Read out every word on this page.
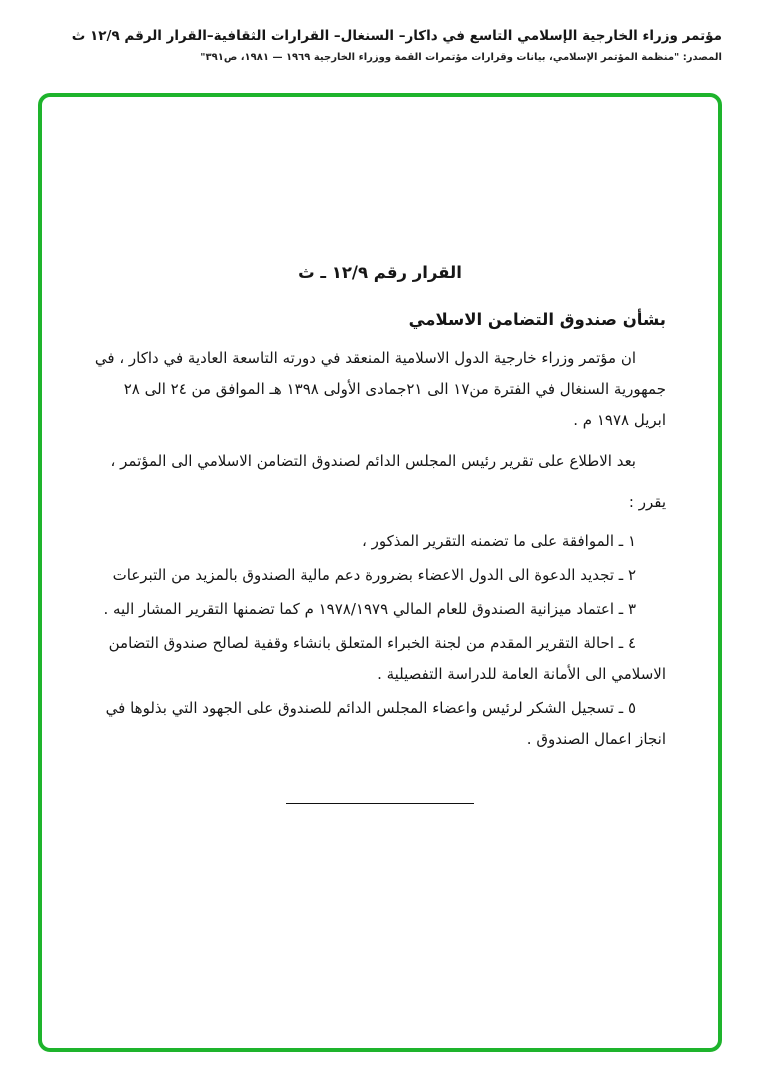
مؤتمر وزراء الخارجية الإسلامي التاسع في داكار– السنغال– القرارات الثقافية–القرار الرقم ١٢/٩ ث
المصدر: "منظمة المؤتمر الإسلامي، بيانات وقرارات مؤتمرات القمة ووزراء الخارجية ١٩٦٩ — ١٩٨١، ص٣٩١"
القرار رقم ١٢/٩ ـ ث
بشأن صندوق التضامن الاسلامي

ان مؤتمر وزراء خارجية الدول الاسلامية المنعقد في دورته التاسعة العادية في داكار ، في جمهورية السنغال في الفترة من١٧ الى ٢١جمادى الأولى ١٣٩٨ هـ الموافق من ٢٤ الى ٢٨ ابريل ١٩٧٨ م .

بعد الاطلاع على تقرير رئيس المجلس الدائم لصندوق التضامن الاسلامي الى المؤتمر ،

يقرر :

١ ـ الموافقة على ما تضمنه التقرير المذكور ،

٢ ـ تجديد الدعوة الى الدول الاعضاء بضرورة دعم مالية الصندوق بالمزيد من التبرعات

٣ ـ اعتماد ميزانية الصندوق للعام المالي ١٩٧٨/١٩٧٩ م كما تضمنها التقرير المشار اليه .

٤ ـ احالة التقرير المقدم من لجنة الخبراء المتعلق بانشاء وقفية لصالح صندوق التضامن الاسلامي الى الأمانة العامة للدراسة التفصيلية .

٥ ـ تسجيل الشكر لرئيس واعضاء المجلس الدائم للصندوق على الجهود التي بذلوها في انجاز اعمال الصندوق .
